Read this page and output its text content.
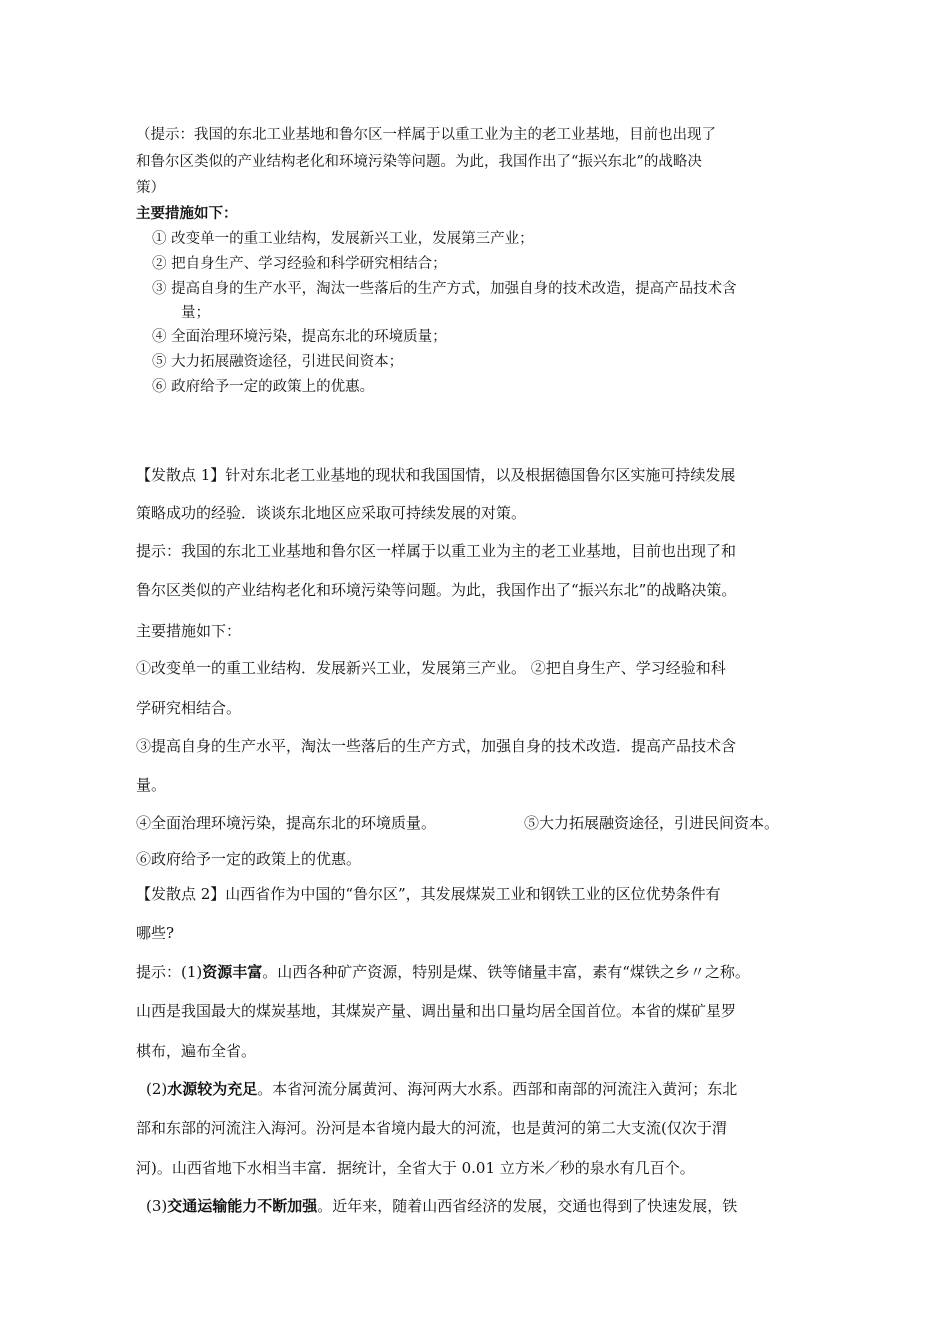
（提示：我国的东北工业基地和鲁尔区一样属于以重工业为主的老工业基地，目前也出现了
和鲁尔区类似的产业结构老化和环境污染等问题。为此，我国作出了“振兴东北”的战略决
策）
主要措施如下：
① 改变单一的重工业结构，发展新兴工业，发展第三产业；
② 把自身生产、学习经验和科学研究相结合；
③ 提高自身的生产水平，淘汰一些落后的生产方式，加强自身的技术改造，提高产品技术含
量；
④ 全面治理环境污染，提高东北的环境质量；
⑤ 大力拓展融资途径，引进民间资本；
⑥ 政府给予一定的政策上的优惠。
【发散点 1】针对东北老工业基地的现状和我国国情，以及根据德国鲁尔区实施可持续发展
策略成功的经验．谈谈东北地区应采取可持续发展的对策。
提示：我国的东北工业基地和鲁尔区一样属于以重工业为主的老工业基地，目前也出现了和
鲁尔区类似的产业结构老化和环境污染等问题。为此，我国作出了“振兴东北”的战略决策。
主要措施如下：
①改变单一的重工业结构．发展新兴工业，发展第三产业。 ②把自身生产、学习经验和科
学研究相结合。
③提高自身的生产水平，淘汰一些落后的生产方式，加强自身的技术改造．提高产品技术含
量。
④全面治理环境污染，提高东北的环境质量。	⑤大力拓展融资途径，引进民间资本。
⑥政府给予一定的政策上的优惠。
【发散点 2】山西省作为中国的“鲁尔区”，其发展煤炭工业和钢铁工业的区位优势条件有
哪些?
提示：(1)资源丰富。山西各种矿产资源，特别是煤、铁等储量丰富，素有“煤铁之乡〃之称。
山西是我国最大的煤炭基地，其煤炭产量、调出量和出口量均居全国首位。本省的煤矿星罗
棋布，遍布全省。
(2)水源较为充足。本省河流分属黄河、海河两大水系。西部和南部的河流注入黄河；东北
部和东部的河流注入海河。汾河是本省境内最大的河流，也是黄河的第二大支流(仅次于渭
河)。山西省地下水相当丰富．据统计，全省大于 0.01 立方米／秒的泉水有几百个。
(3)交通运输能力不断加强。近年来，随着山西省经济的发展，交通也得到了快速发展，铁
